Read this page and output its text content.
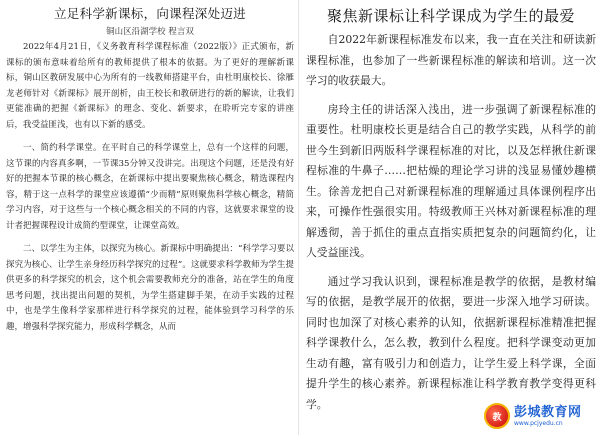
立足科学新课标，向课程深处迈进
铜山区沿湖学校 程言双

2022年4月21日，《义务教育科学课程标准（2022版）》正式颁布，新课标的颁布意味着给所有的教师提供了根本的依据。为了更好的理解新课标，铜山区教研发展中心为所有的一线教师搭建平台，由杜明康校长、徐雁龙老师针对《新课标》展开剖析，由王校长和教研进行的新的解读，让我们更能准确的把握《新课标》的理念、变化、新要求，在聆听完专家的讲座后，我受益匪浅，也有以下新的感受。

一、简约科学课堂。在平时自己的科学课堂上，总有一个这样的问题，这节课的内容真多啊，一节课35分钟又没讲完。出现这个问题，还是没有好好的把握本节课的核心概念，在新课标中提出要聚焦核心概念，精选课程内容，精于这一点科学的课堂应该遵循“少而精”原则聚焦科学核心概念，精简学习内容，对于这些与一个核心概念相关的不同的内容，这就要求课堂的设计者把握课程设计成简约型课堂，让课堂高效。

二、以学生为主体，以探究为核心。新课标中明确提出：“科学学习要以探究为核心、让学生亲身经历科学探究的过程”。这就要求科学教师为学生提供更多的科学探究的机会，这个机会需要教师充分的准备，站在学生的角度思考问题，找出提出问题的契机，为学生搭建脚手架，在动手实践的过程中，也是学生像科学家那样进行科学探究的过程，能体验到学习科学的乐趣，增强科学探究能力，形成科学概念，从而

聚焦新课标让科学课成为学生的最爱

自2022年新课程标准发布以来，我一直在关注和研读新课程标准，也参加了一些新课程标准的解读和培训。这一次学习的收获最大。

房玲主任的讲话深入浅出，进一步强调了新课程标准的重要性。杜明康校长更是结合自己的教学实践，从科学的前世今生到新旧两版科学课程标准的对比，以及怎样揪住新课程标准的牛鼻子……把枯燥的理论学习讲的浅显易懂妙趣横生。徐善龙把自己对新课程标准的理解通过具体课例程序出来，可操作性强很实用。特级教师王兴林对新课程标准的理解透彻，善于抓住的重点直指实质把复杂的问题简约化，让人受益匪浅。

通过学习我认识到，课程标准是教学的依据，是教材编写的依据，是教学展开的依据，要进一步深入地学习研读。同时也加深了对核心素养的认知，依据新课程标准精准把握科学课教什么，怎么教，教到什么程度。把科学课变动更加生动有趣，富有吸引力和创造力，让学生爱上科学课，全面提升学生的核心素养。新课程标准让科学教育教学变得更科学。

教 彭城教育网
www.pcjyedu.cn
